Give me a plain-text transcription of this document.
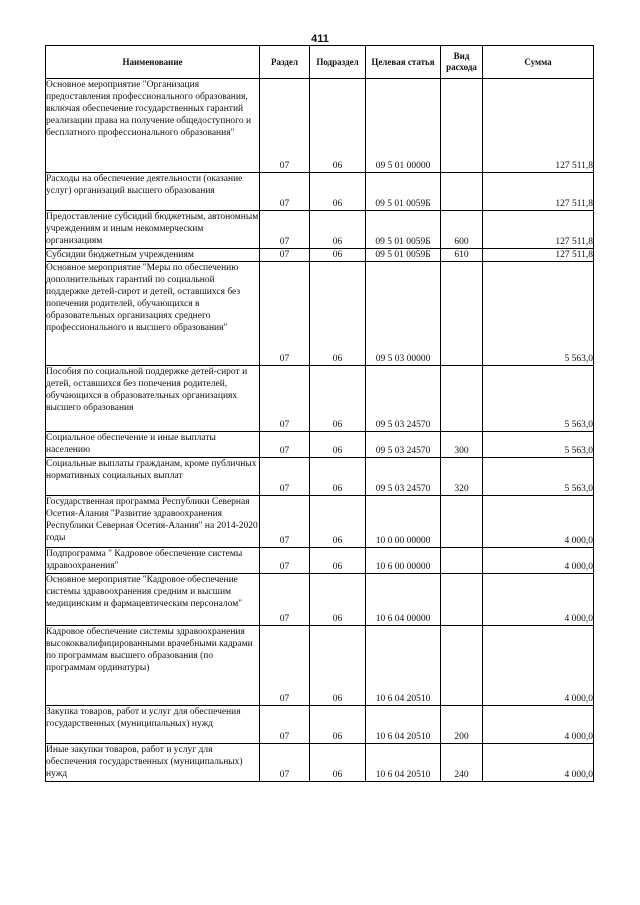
411
Наименование	Раздел	Подраздел	Целевая статья	Вид расхода	Сумма
Основное мероприятие "Организация предоставления профессионального образования, включая обеспечение государственных гарантий реализации права на получение общедоступного и бесплатного профессионального образования"	07	06	09 5 01 00000		127 511,8
Расходы на обеспечение деятельности (оказание услуг) организаций высшего образования	07	06	09 5 01 0059Б		127 511,8
Предоставление субсидий бюджетным, автономным учреждениям и иным некоммерческим организациям	07	06	09 5 01 0059Б	600	127 511,8
Субсидии бюджетным учреждениям	07	06	09 5 01 0059Б	610	127 511,8
Основное мероприятие "Меры по обеспечению дополнительных гарантий по социальной поддержке детей-сирот и детей, оставшихся без попечения родителей, обучающихся в образовательных организациях среднего профессионального и высшего образования"	07	06	09 5 03 00000		5 563,0
Пособия по социальной поддержке детей-сирот и детей, оставшихся без попечения родителей, обучающихся в образовательных организациях высшего образования	07	06	09 5 03 24570		5 563,0
Социальное обеспечение и иные выплаты населению	07	06	09 5 03 24570	300	5 563,0
Социальные выплаты гражданам, кроме публичных нормативных социальных выплат	07	06	09 5 03 24570	320	5 563,0
Государственная программа Республики Северная Осетия-Алания "Развитие здравоохранения Республики Северная Осетия-Алания" на 2014-2020 годы	07	06	10 0 00 00000		4 000,0
Подпрограмма " Кадровое обеспечение системы здравоохранения"	07	06	10 6 00 00000		4 000,0
Основное мероприятие "Кадровое обеспечение системы здравоохранения средним и высшим медицинским и фармацевтическим персоналом"	07	06	10 6 04 00000		4 000,0
Кадровое обеспечение системы здравоохранения высококвалифицированными врачебными кадрами по программам высшего образования (по программам ординатуры)	07	06	10 6 04 20510		4 000,0
Закупка товаров, работ и услуг для обеспечения государственных (муниципальных) нужд	07	06	10 6 04 20510	200	4 000,0
Иные закупки товаров, работ и услуг для обеспечения государственных (муниципальных) нужд	07	06	10 6 04 20510	240	4 000,0
